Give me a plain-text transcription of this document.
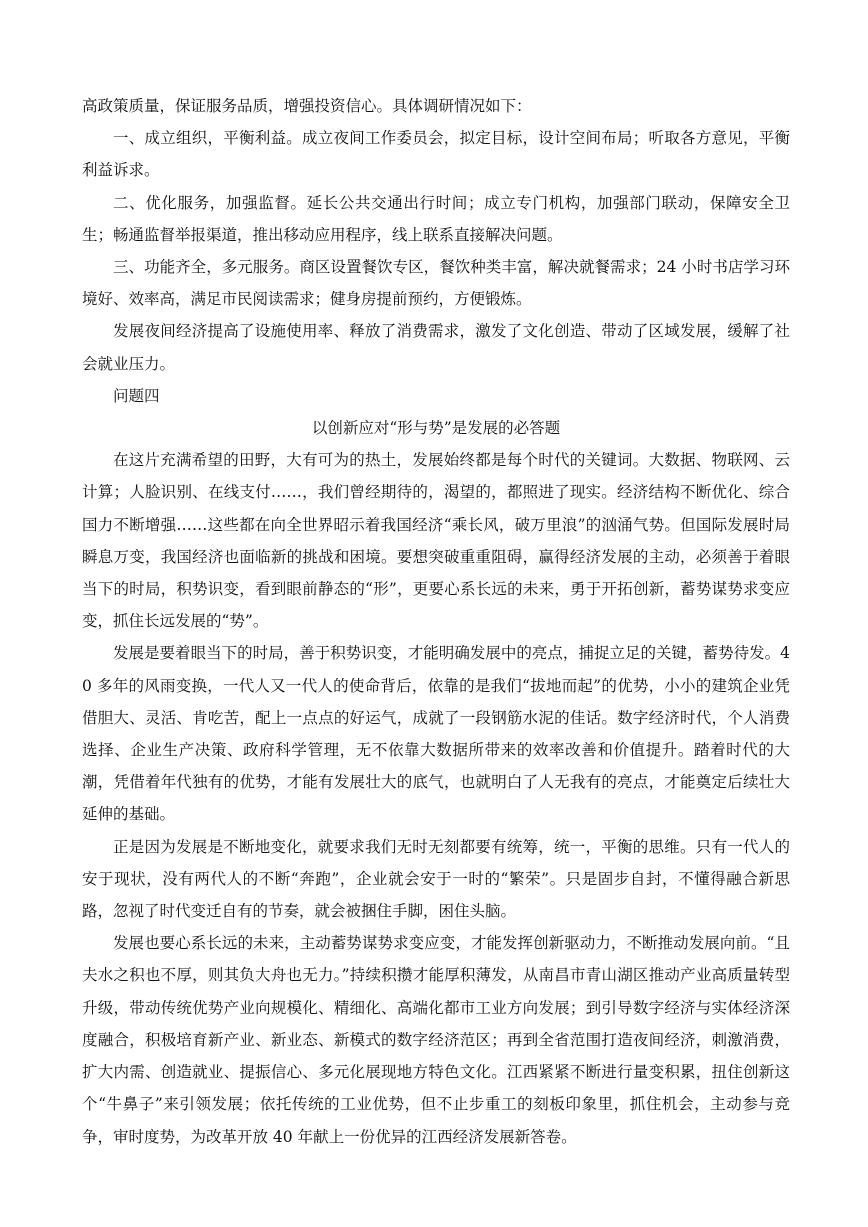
高政策质量，保证服务品质，增强投资信心。具体调研情况如下：

一、成立组织，平衡利益。成立夜间工作委员会，拟定目标，设计空间布局；听取各方意见，平衡利益诉求。

二、优化服务，加强监督。延长公共交通出行时间；成立专门机构，加强部门联动，保障安全卫生；畅通监督举报渠道，推出移动应用程序，线上联系直接解决问题。

三、功能齐全，多元服务。商区设置餐饮专区，餐饮种类丰富，解决就餐需求；24 小时书店学习环境好、效率高，满足市民阅读需求；健身房提前预约，方便锻炼。

发展夜间经济提高了设施使用率、释放了消费需求，激发了文化创造、带动了区域发展，缓解了社会就业压力。

问题四

以创新应对“形与势”是发展的必答题

在这片充满希望的田野，大有可为的热土，发展始终都是每个时代的关键词。大数据、物联网、云计算；人脸识别、在线支付……，我们曾经期待的，渴望的，都照进了现实。经济结构不断优化、综合国力不断增强……这些都在向全世界昭示着我国经济“乘长风，破万里浪”的汹涌气势。但国际发展时局瞬息万变，我国经济也面临新的挑战和困境。要想突破重重阻碍，赢得经济发展的主动，必须善于着眼当下的时局，积势识变，看到眼前静态的“形”，更要心系长远的未来，勇于开拓创新，蓄势谋势求变应变，抓住长远发展的“势”。

发展是要着眼当下的时局，善于积势识变，才能明确发展中的亮点，捕捉立足的关键，蓄势待发。40 多年的风雨变换，一代人又一代人的使命背后，依靠的是我们“拔地而起”的优势，小小的建筑企业凭借胆大、灵活、肯吃苦，配上一点点的好运气，成就了一段钢筋水泥的佳话。数字经济时代，个人消费选择、企业生产决策、政府科学管理，无不依靠大数据所带来的效率改善和价值提升。踏着时代的大潮，凭借着年代独有的优势，才能有发展壮大的底气，也就明白了人无我有的亮点，才能奠定后续壮大延伸的基础。

正是因为发展是不断地变化，就要求我们无时无刻都要有统筹，统一，平衡的思维。只有一代人的安于现状，没有两代人的不断“奔跑”，企业就会安于一时的“繁荣”。只是固步自封，不懂得融合新思路，忽视了时代变迁自有的节奏，就会被捆住手脚，困住头脑。

发展也要心系长远的未来，主动蓄势谋势求变应变，才能发挥创新驱动力，不断推动发展向前。“且夫水之积也不厚，则其负大舟也无力。”持续积攒才能厚积薄发，从南昌市青山湖区推动产业高质量转型升级，带动传统优势产业向规模化、精细化、高端化都市工业方向发展；到引导数字经济与实体经济深度融合，积极培育新产业、新业态、新模式的数字经济范区；再到全省范围打造夜间经济，刺激消费，扩大内需、创造就业、提振信心、多元化展现地方特色文化。江西紧紧不断进行量变积累，扭住创新这个“牛鼻子”来引领发展；依托传统的工业优势，但不止步重工的刻板印象里，抓住机会，主动参与竞争，审时度势，为改革开放 40 年献上一份优异的江西经济发展新答卷。
